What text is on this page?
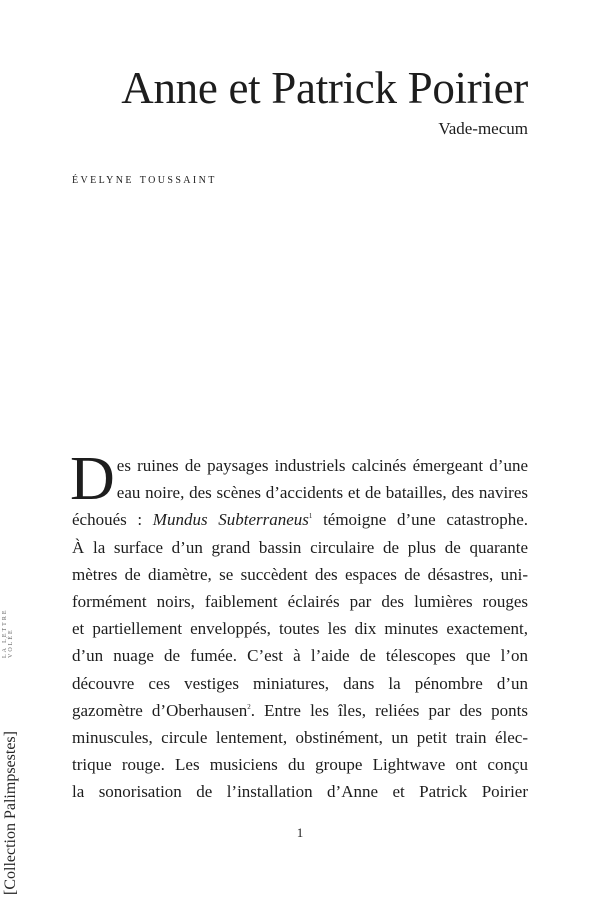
Anne et Patrick Poirier

Vade-mecum

évelyne toussaint

D es ruines de paysages industriels calcinés émergeant d’une
eau noire, des scènes d’accidents et de batailles, des navires
échoués : Mundus Subterraneus$^1$ témoigne d’une catastrophe.
À la surface d’un grand bassin circulaire de plus de quarante
mètres de diamètre, se succèdent des espaces de désastres, uni-
formément noirs, faiblement éclairés par des lumières rouges
et partiellement enveloppés, toutes les dix minutes exactement,
d’un nuage de fumée. C’est à l’aide de télescopes que l’on
découvre ces vestiges miniatures, dans la pénombre d’un
gazomètre d’Oberhausen$^2$. Entre les îles, reliées par des ponts
minuscules, circule lentement, obstinément, un petit train élec-
trique rouge. Les musiciens du groupe Lightwave ont conçu
la sonorisation de l’installation d’Anne et Patrick Poirier
1
LA LETTRE VOLÉE
[Collection Palimpsestes]
